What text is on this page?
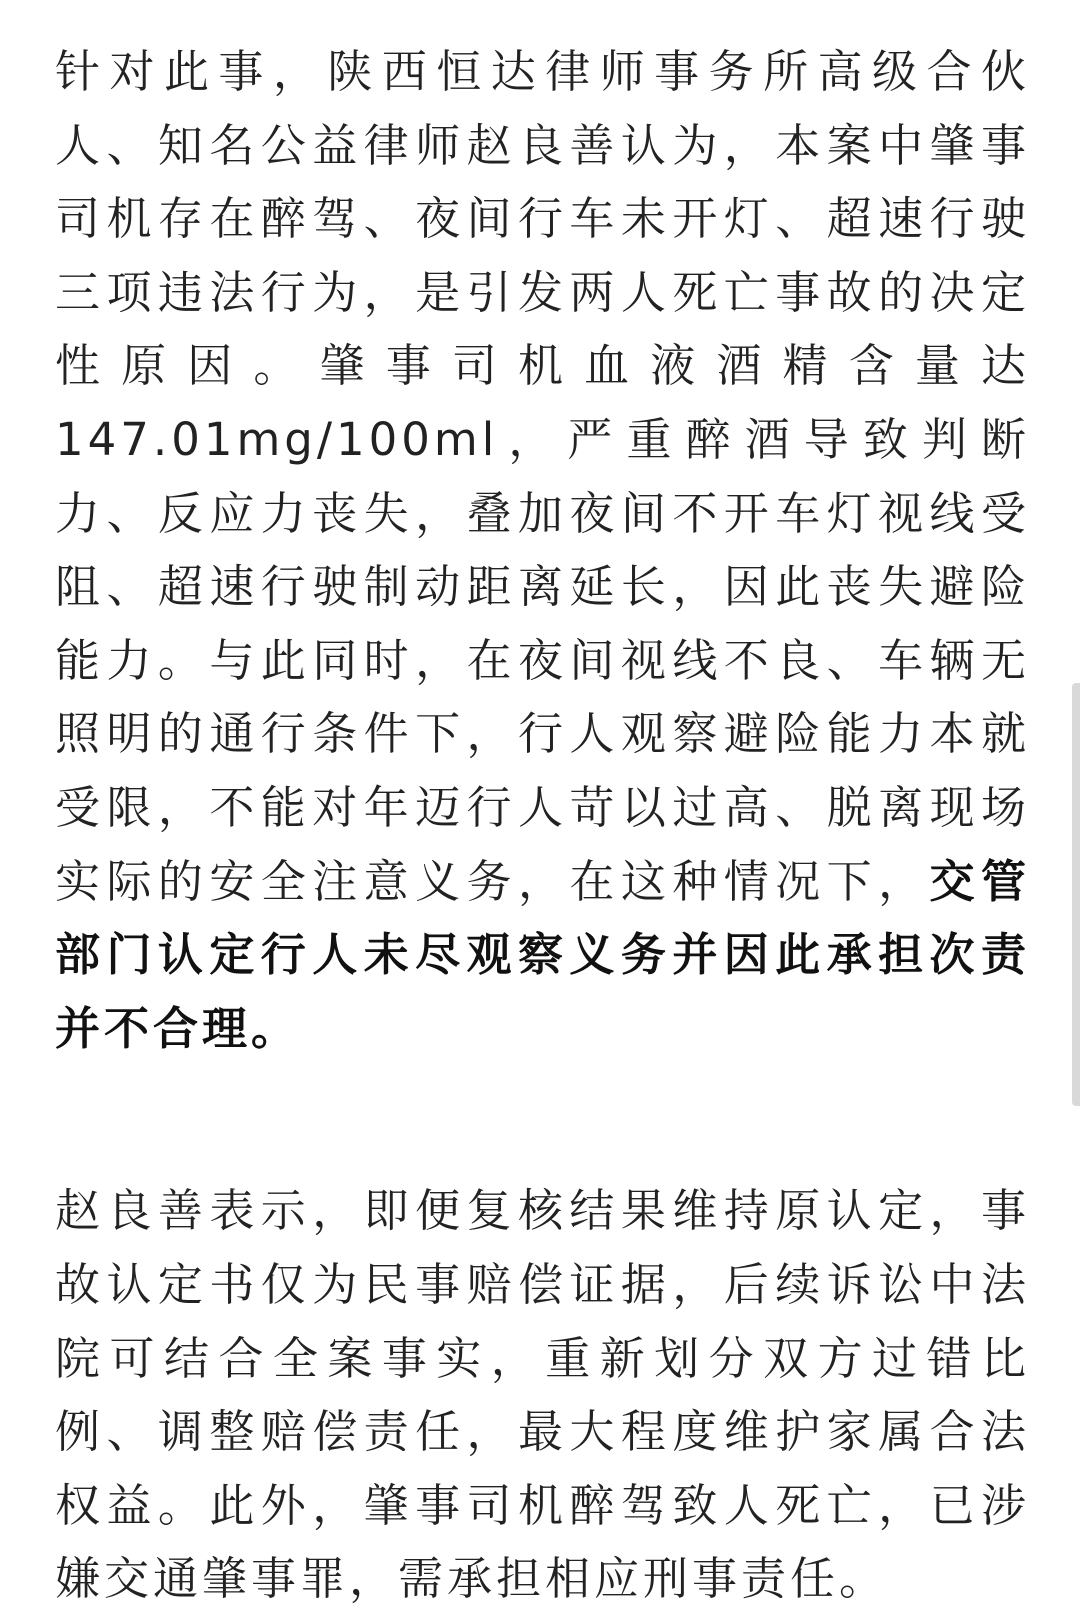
针对此事，陕西恒达律师事务所高级合伙人、知名公益律师赵良善认为，本案中肇事司机存在醉驾、夜间行车未开灯、超速行驶三项违法行为，是引发两人死亡事故的决定性原因。肇事司机血液酒精含量达147.01mg/100ml，严重醉酒导致判断力、反应力丧失，叠加夜间不开车灯视线受阻、超速行驶制动距离延长，因此丧失避险能力。与此同时，在夜间视线不良、车辆无照明的通行条件下，行人观察避险能力本就受限，不能对年迈行人苛以过高、脱离现场实际的安全注意义务，在这种情况下，交管部门认定行人未尽观察义务并因此承担次责并不合理。

赵良善表示，即便复核结果维持原认定，事故认定书仅为民事赔偿证据，后续诉讼中法院可结合全案事实，重新划分双方过错比例、调整赔偿责任，最大程度维护家属合法权益。此外，肇事司机醉驾致人死亡，已涉嫌交通肇事罪，需承担相应刑事责任。
